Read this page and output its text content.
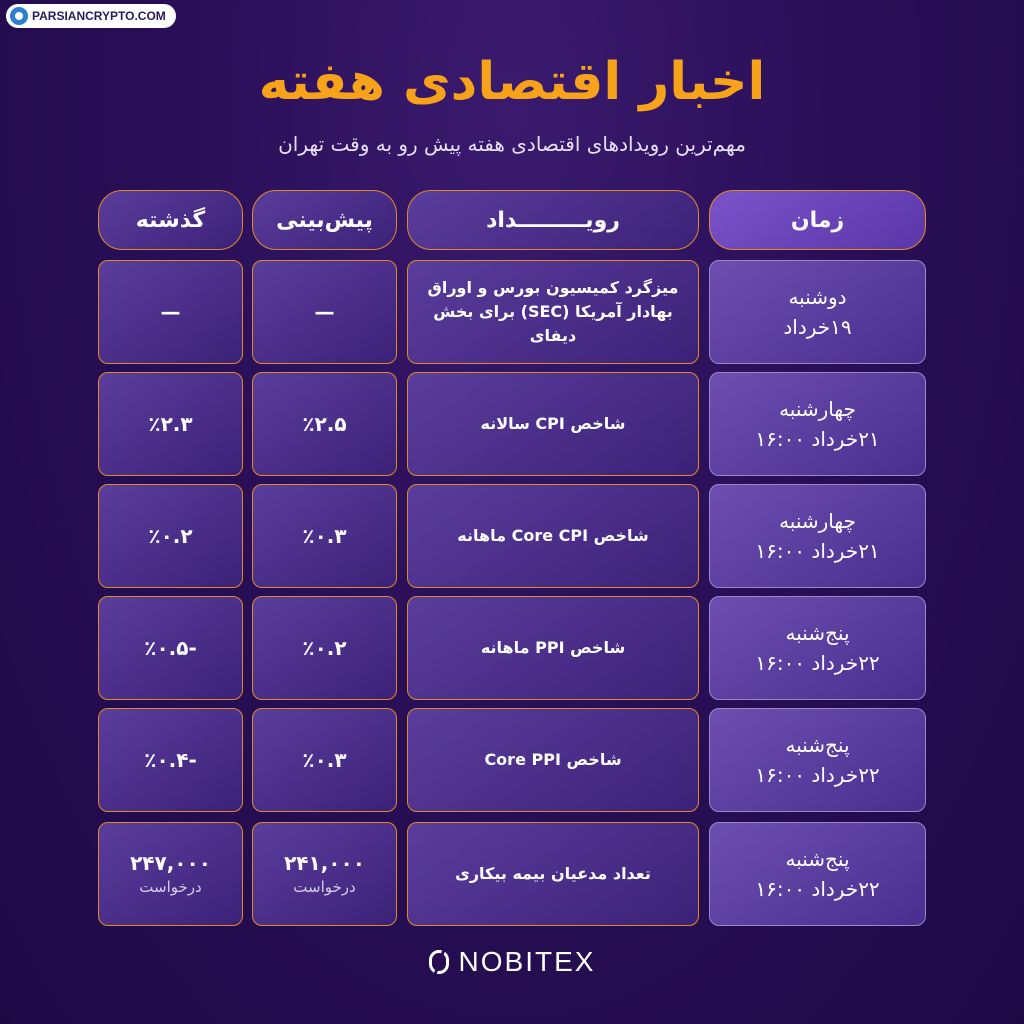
PARSIANCRYPTO.COM
اخبار اقتصادی هفته
مهم‌ترین رویدادهای اقتصادی هفته پیش رو به وقت تهران
زمان
رویـــــــــداد
پیش‌بینی
گذشته
دوشنبه
۱۹خرداد
میزگرد کمیسیون بورس و اوراق بهادار آمریکا (SEC) برای بخش دیفای
—
—
چهارشنبه
۲۱خرداد ۱۶:۰۰
شاخص CPI سالانه
٪۲.۵
٪۲.۳
چهارشنبه
۲۱خرداد ۱۶:۰۰
شاخص Core CPI ماهانه
٪۰.۳
٪۰.۲
پنج‌شنبه
۲۲خرداد ۱۶:۰۰
شاخص PPI ماهانه
٪۰.۲
-٪۰.۵
پنج‌شنبه
۲۲خرداد ۱۶:۰۰
شاخص Core PPI
٪۰.۳
-٪۰.۴
پنج‌شنبه
۲۲خرداد ۱۶:۰۰
تعداد مدعیان بیمه بیکاری
۲۴۱,۰۰۰
درخواست
۲۴۷,۰۰۰
درخواست
NOBITEX
